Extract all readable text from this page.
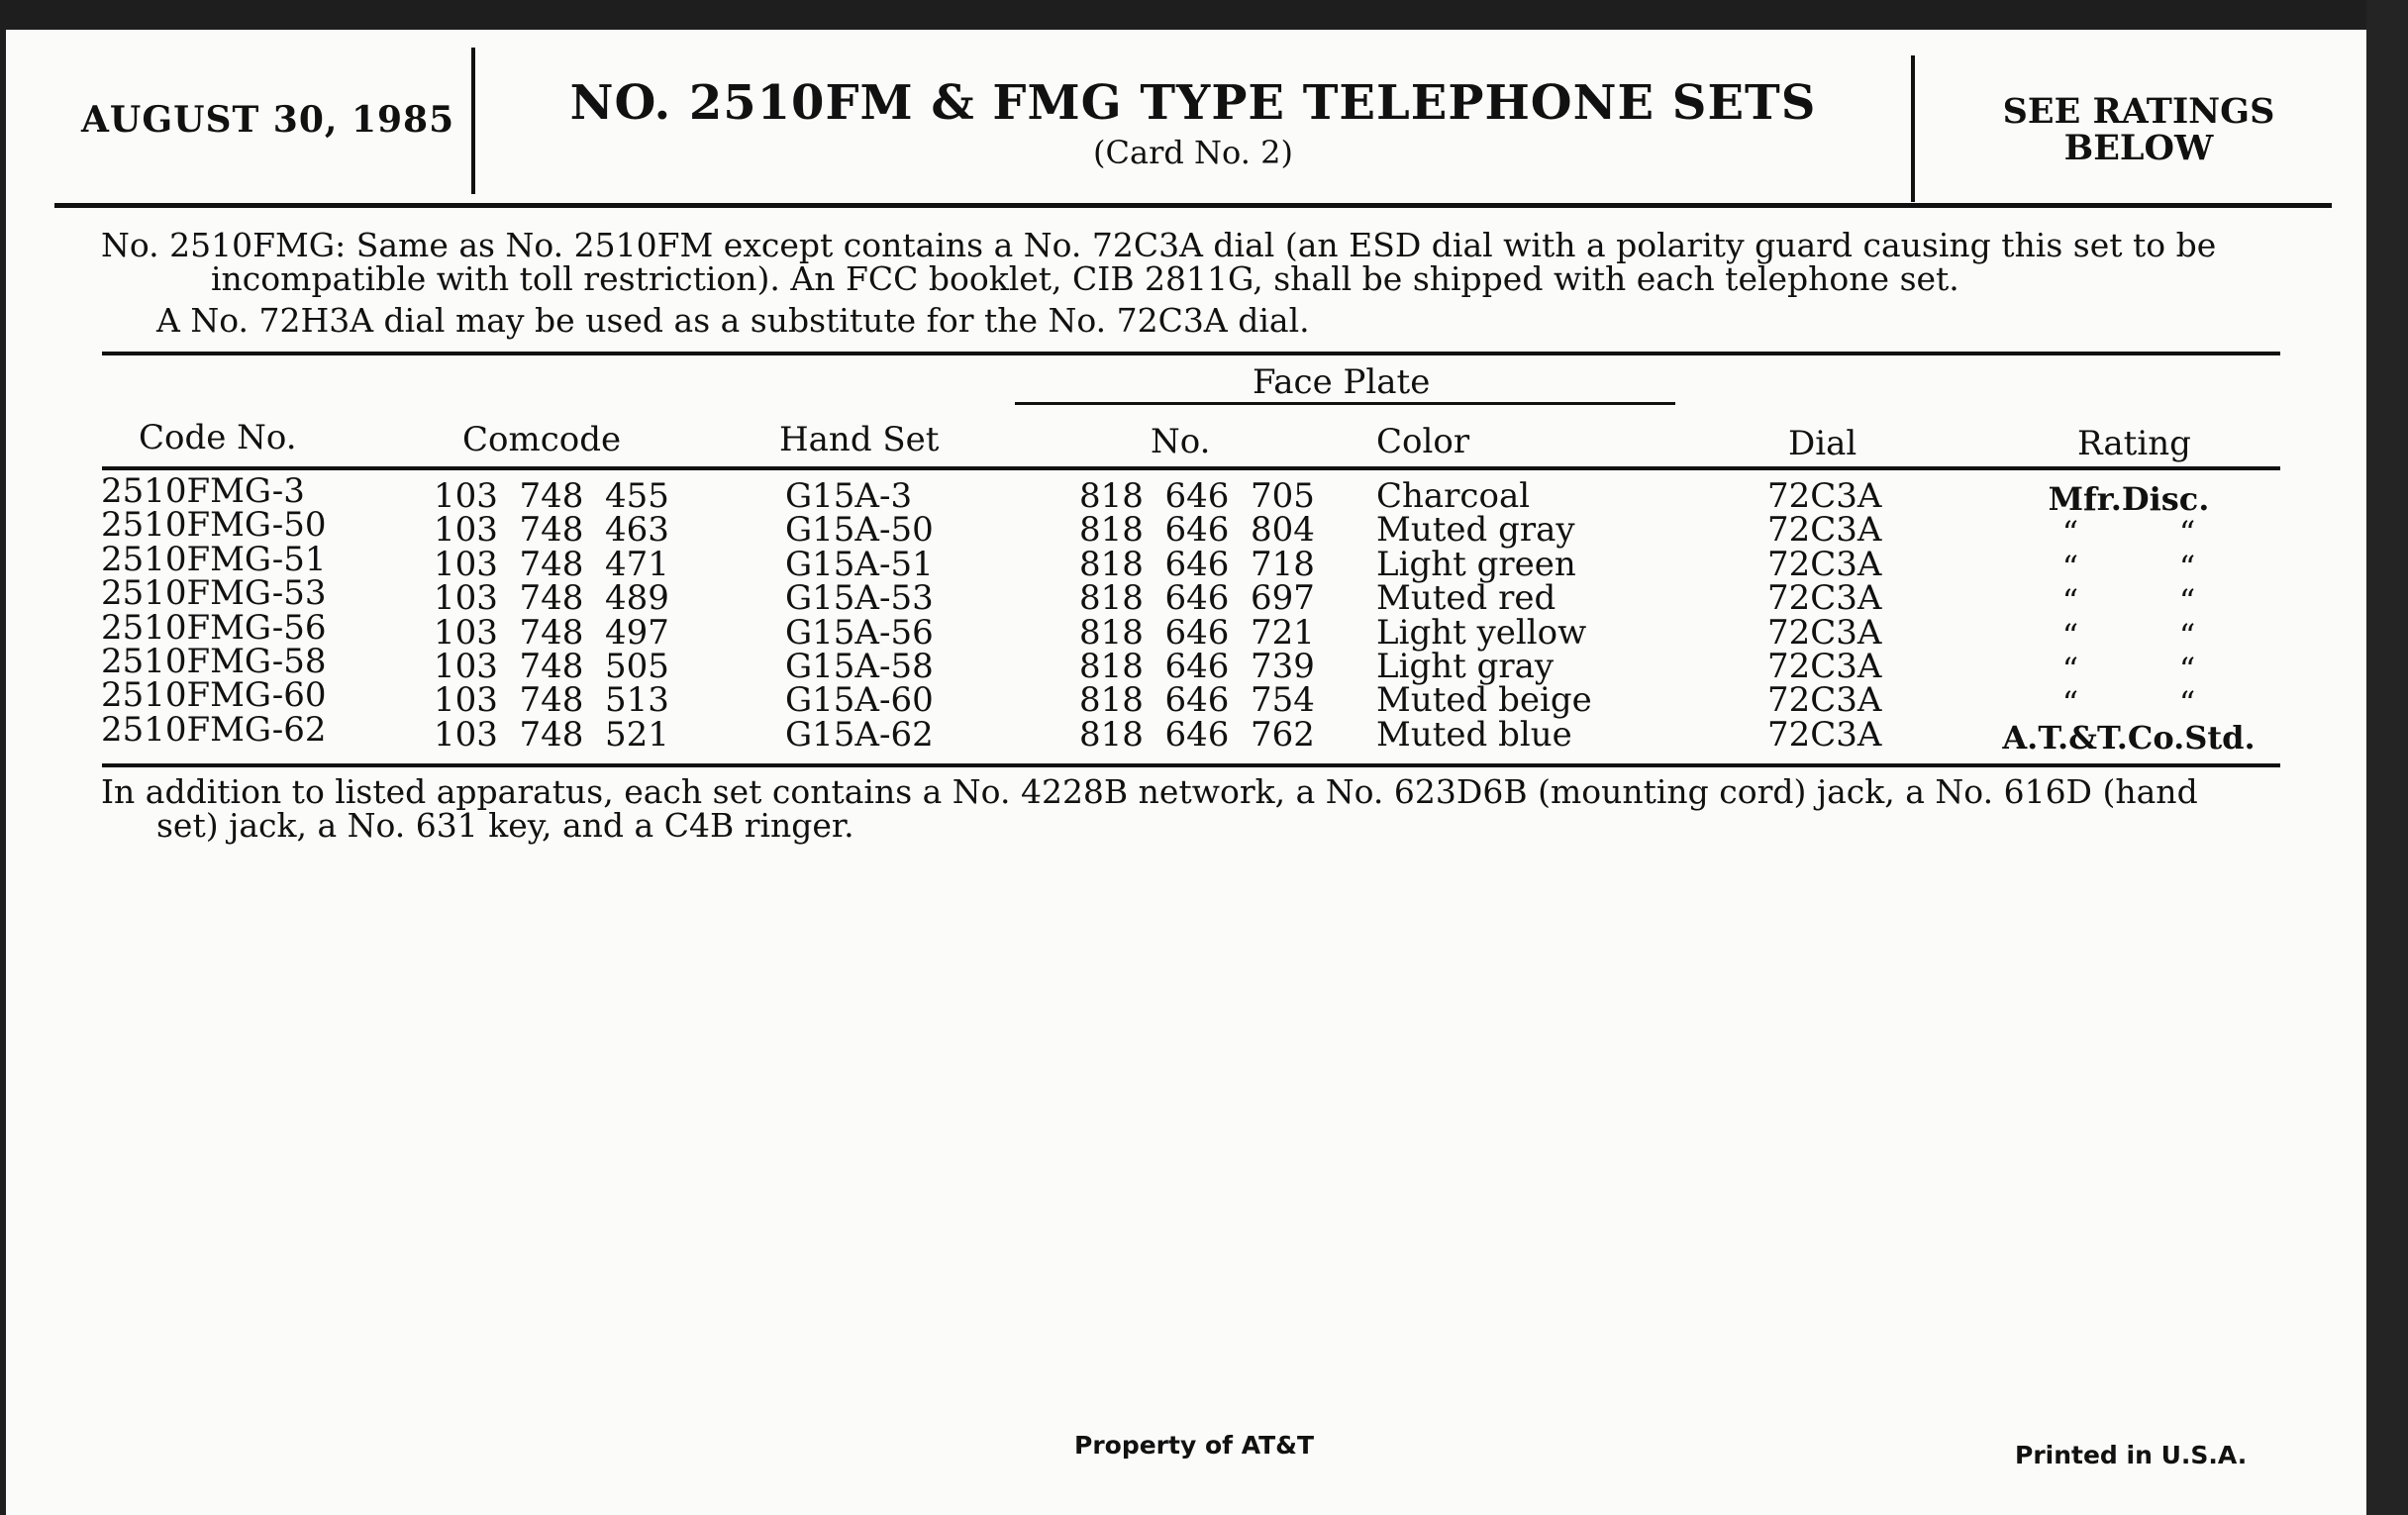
AUGUST 30, 1985	NO. 2510FM & FMG TYPE TELEPHONE SETS
(Card No. 2)
SEE RATINGS
BELOW
No. 2510FMG: Same as No. 2510FM except contains a No. 72C3A dial (an ESD dial with a polarity guard causing this set to be
incompatible with toll restriction). An FCC booklet, CIB 2811G, shall be shipped with each telephone set.
A No. 72H3A dial may be used as a substitute for the No. 72C3A dial.
Face Plate
Code No.	Comcode	Hand Set	No.	Color	Dial	Rating
2510FMG-3	103  748  455	G15A-3	818  646  705 Charcoal	72C3A	Mfr.Disc.
2510FMG-50	103  748  463	G15A-50	818  646  804 Muted gray	72C3A	“          “
2510FMG-51	103  748  471	G15A-51	818  646  718 Light green	72C3A	“          “
2510FMG-53	103  748  489	G15A-53	818  646  697 Muted red	72C3A	“          “
2510FMG-56	103  748  497	G15A-56	818  646  721 Light yellow	72C3A	“          “
2510FMG-58	103  748  505	G15A-58	818  646  739 Light gray	72C3A	“          “
2510FMG-60	103  748  513	G15A-60	818  646  754 Muted beige	72C3A	“          “
2510FMG-62	103  748  521	G15A-62	818  646  762 Muted blue	72C3A	A.T.&T.Co.Std.
In addition to listed apparatus, each set contains a No. 4228B network, a No. 623D6B (mounting cord) jack, a No. 616D (hand
set) jack, a No. 631 key, and a C4B ringer.
Property of AT&T	Printed in U.S.A.
